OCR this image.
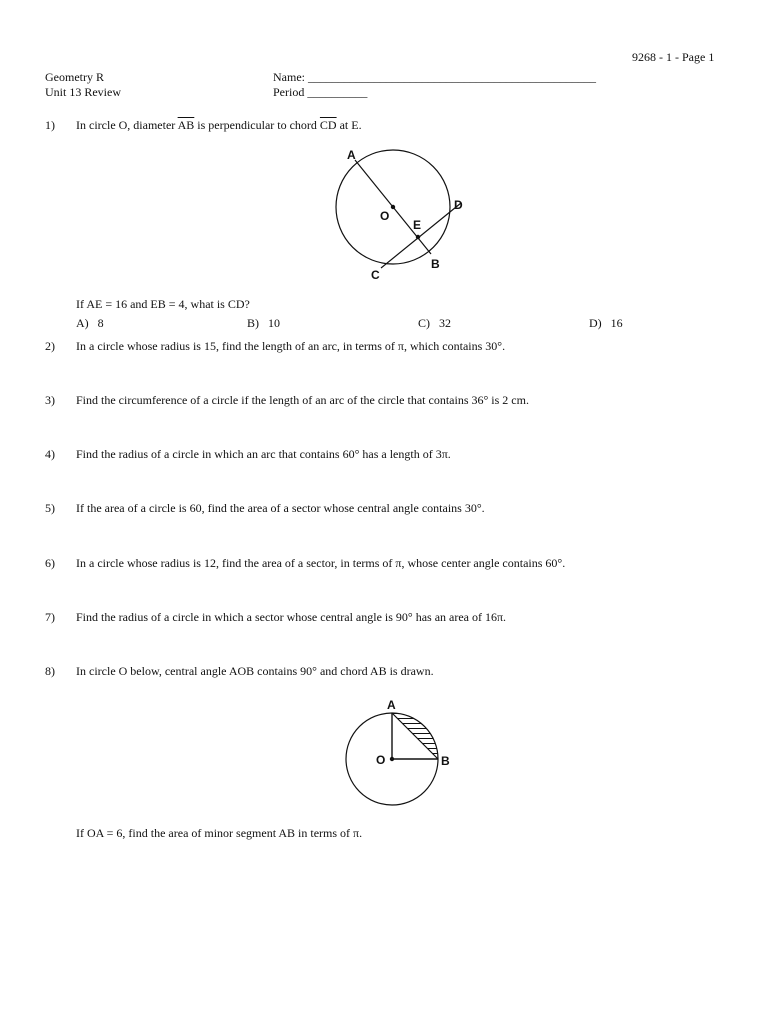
9268 - 1 - Page 1
Geometry R
Unit 13 Review
Name: ________________________________________________
Period __________
1) In circle O, diameter $\overline{AB}$ is perpendicular to chord $\overline{CD}$ at E.
A
O
E
D
B
C
If AE = 16 and EB = 4, what is CD?
A) 8	B) 10	C) 32	D) 16
2) In a circle whose radius is 15, find the length of an arc, in terms of π, which contains 30°.
3) Find the circumference of a circle if the length of an arc of the circle that contains 36° is 2 cm.
4) Find the radius of a circle in which an arc that contains 60° has a length of 3π.
5) If the area of a circle is 60, find the area of a sector whose central angle contains 30°.
6) In a circle whose radius is 12, find the area of a sector, in terms of π, whose center angle contains 60°.
7) Find the radius of a circle in which a sector whose central angle is 90° has an area of 16π.
8) In circle O below, central angle AOB contains 90° and chord AB is drawn.
A
O	B
If OA = 6, find the area of minor segment AB in terms of π.
